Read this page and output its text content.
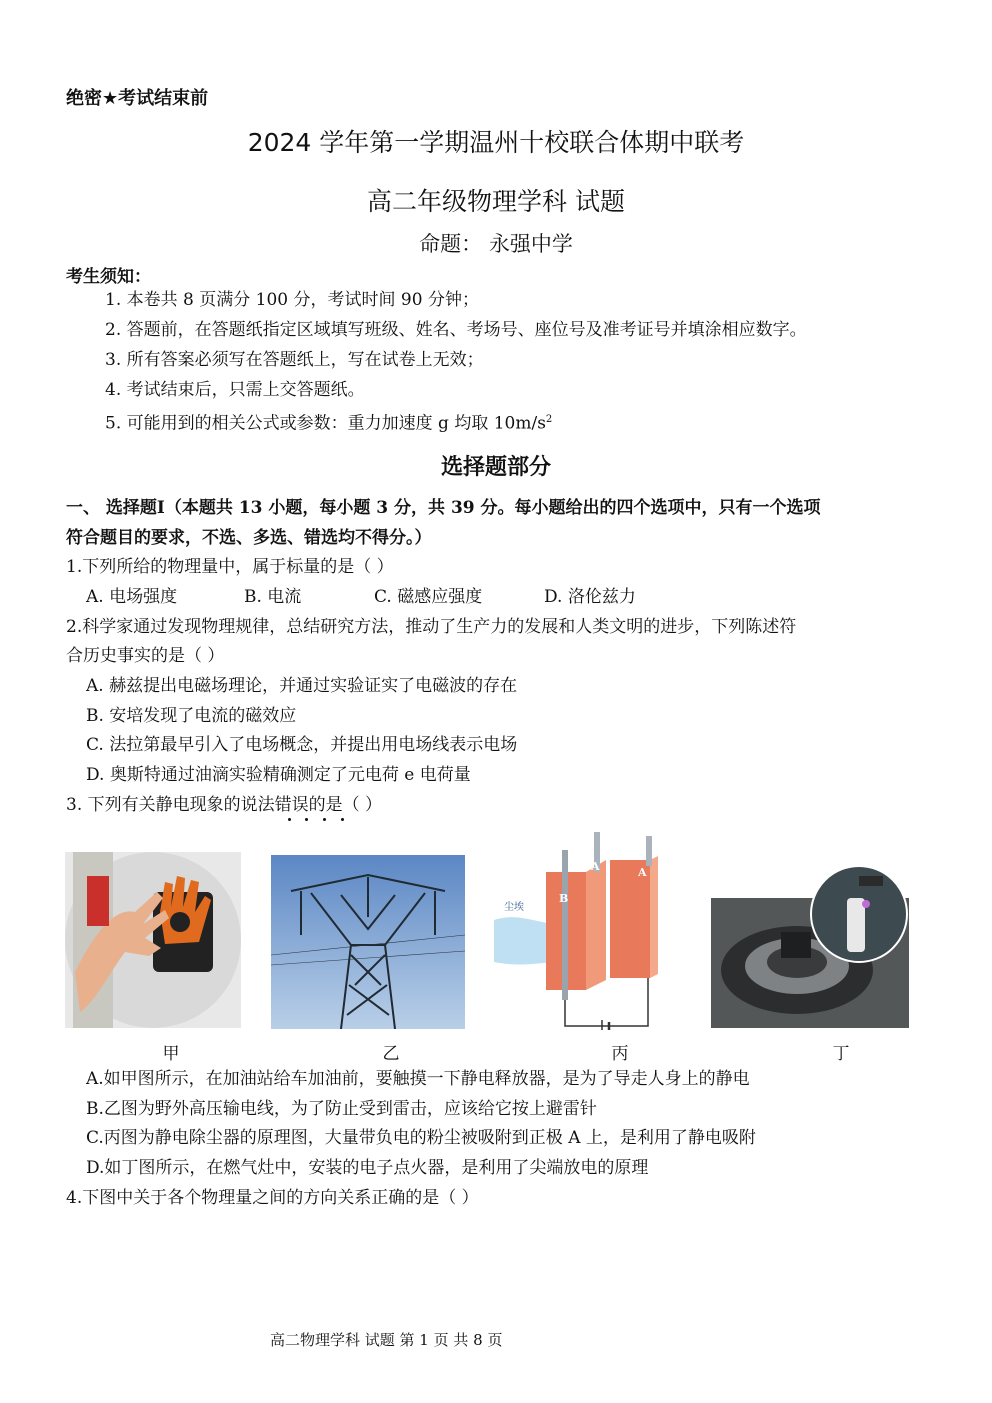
绝密★考试结束前
2024 学年第一学期温州十校联合体期中联考
高二年级物理学科 试题
命题： 永强中学
考生须知：
1. 本卷共 8 页满分 100 分，考试时间 90 分钟；
2. 答题前，在答题纸指定区域填写班级、姓名、考场号、座位号及准考证号并填涂相应数字。
3. 所有答案必须写在答题纸上，写在试卷上无效；
4. 考试结束后，只需上交答题纸。
5. 可能用到的相关公式或参数：重力加速度 g 均取 $10m/s^2$
选择题部分
一、 选择题Ⅰ（本题共 13 小题，每小题 3 分，共 39 分。每小题给出的四个选项中，只有一个选项
符合题目的要求，不选、多选、错选均不得分。）
1.下列所给的物理量中，属于标量的是（ ）
A. 电场强度	B. 电流	C. 磁感应强度	D. 洛伦兹力
2.科学家通过发现物理规律，总结研究方法，推动了生产力的发展和人类文明的进步，下列陈述符
合历史事实的是（ ）
A. 赫兹提出电磁场理论，并通过实验证实了电磁波的存在
B. 安培发现了电流的磁效应
C. 法拉第最早引入了电场概念，并提出用电场线表示电场
D. 奥斯特通过油滴实验精确测定了元电荷 e 电荷量
3. 下列有关静电现象的说法错误的是（ ）
尘埃
B
A	A
甲	乙	丙	丁
A.如甲图所示，在加油站给车加油前，要触摸一下静电释放器，是为了导走人身上的静电
B.乙图为野外高压输电线，为了防止受到雷击，应该给它按上避雷针
C.丙图为静电除尘器的原理图，大量带负电的粉尘被吸附到正极 A 上，是利用了静电吸附
D.如丁图所示，在燃气灶中，安装的电子点火器，是利用了尖端放电的原理
4.下图中关于各个物理量之间的方向关系正确的是（ ）
高二物理学科 试题 第 1 页 共 8 页
